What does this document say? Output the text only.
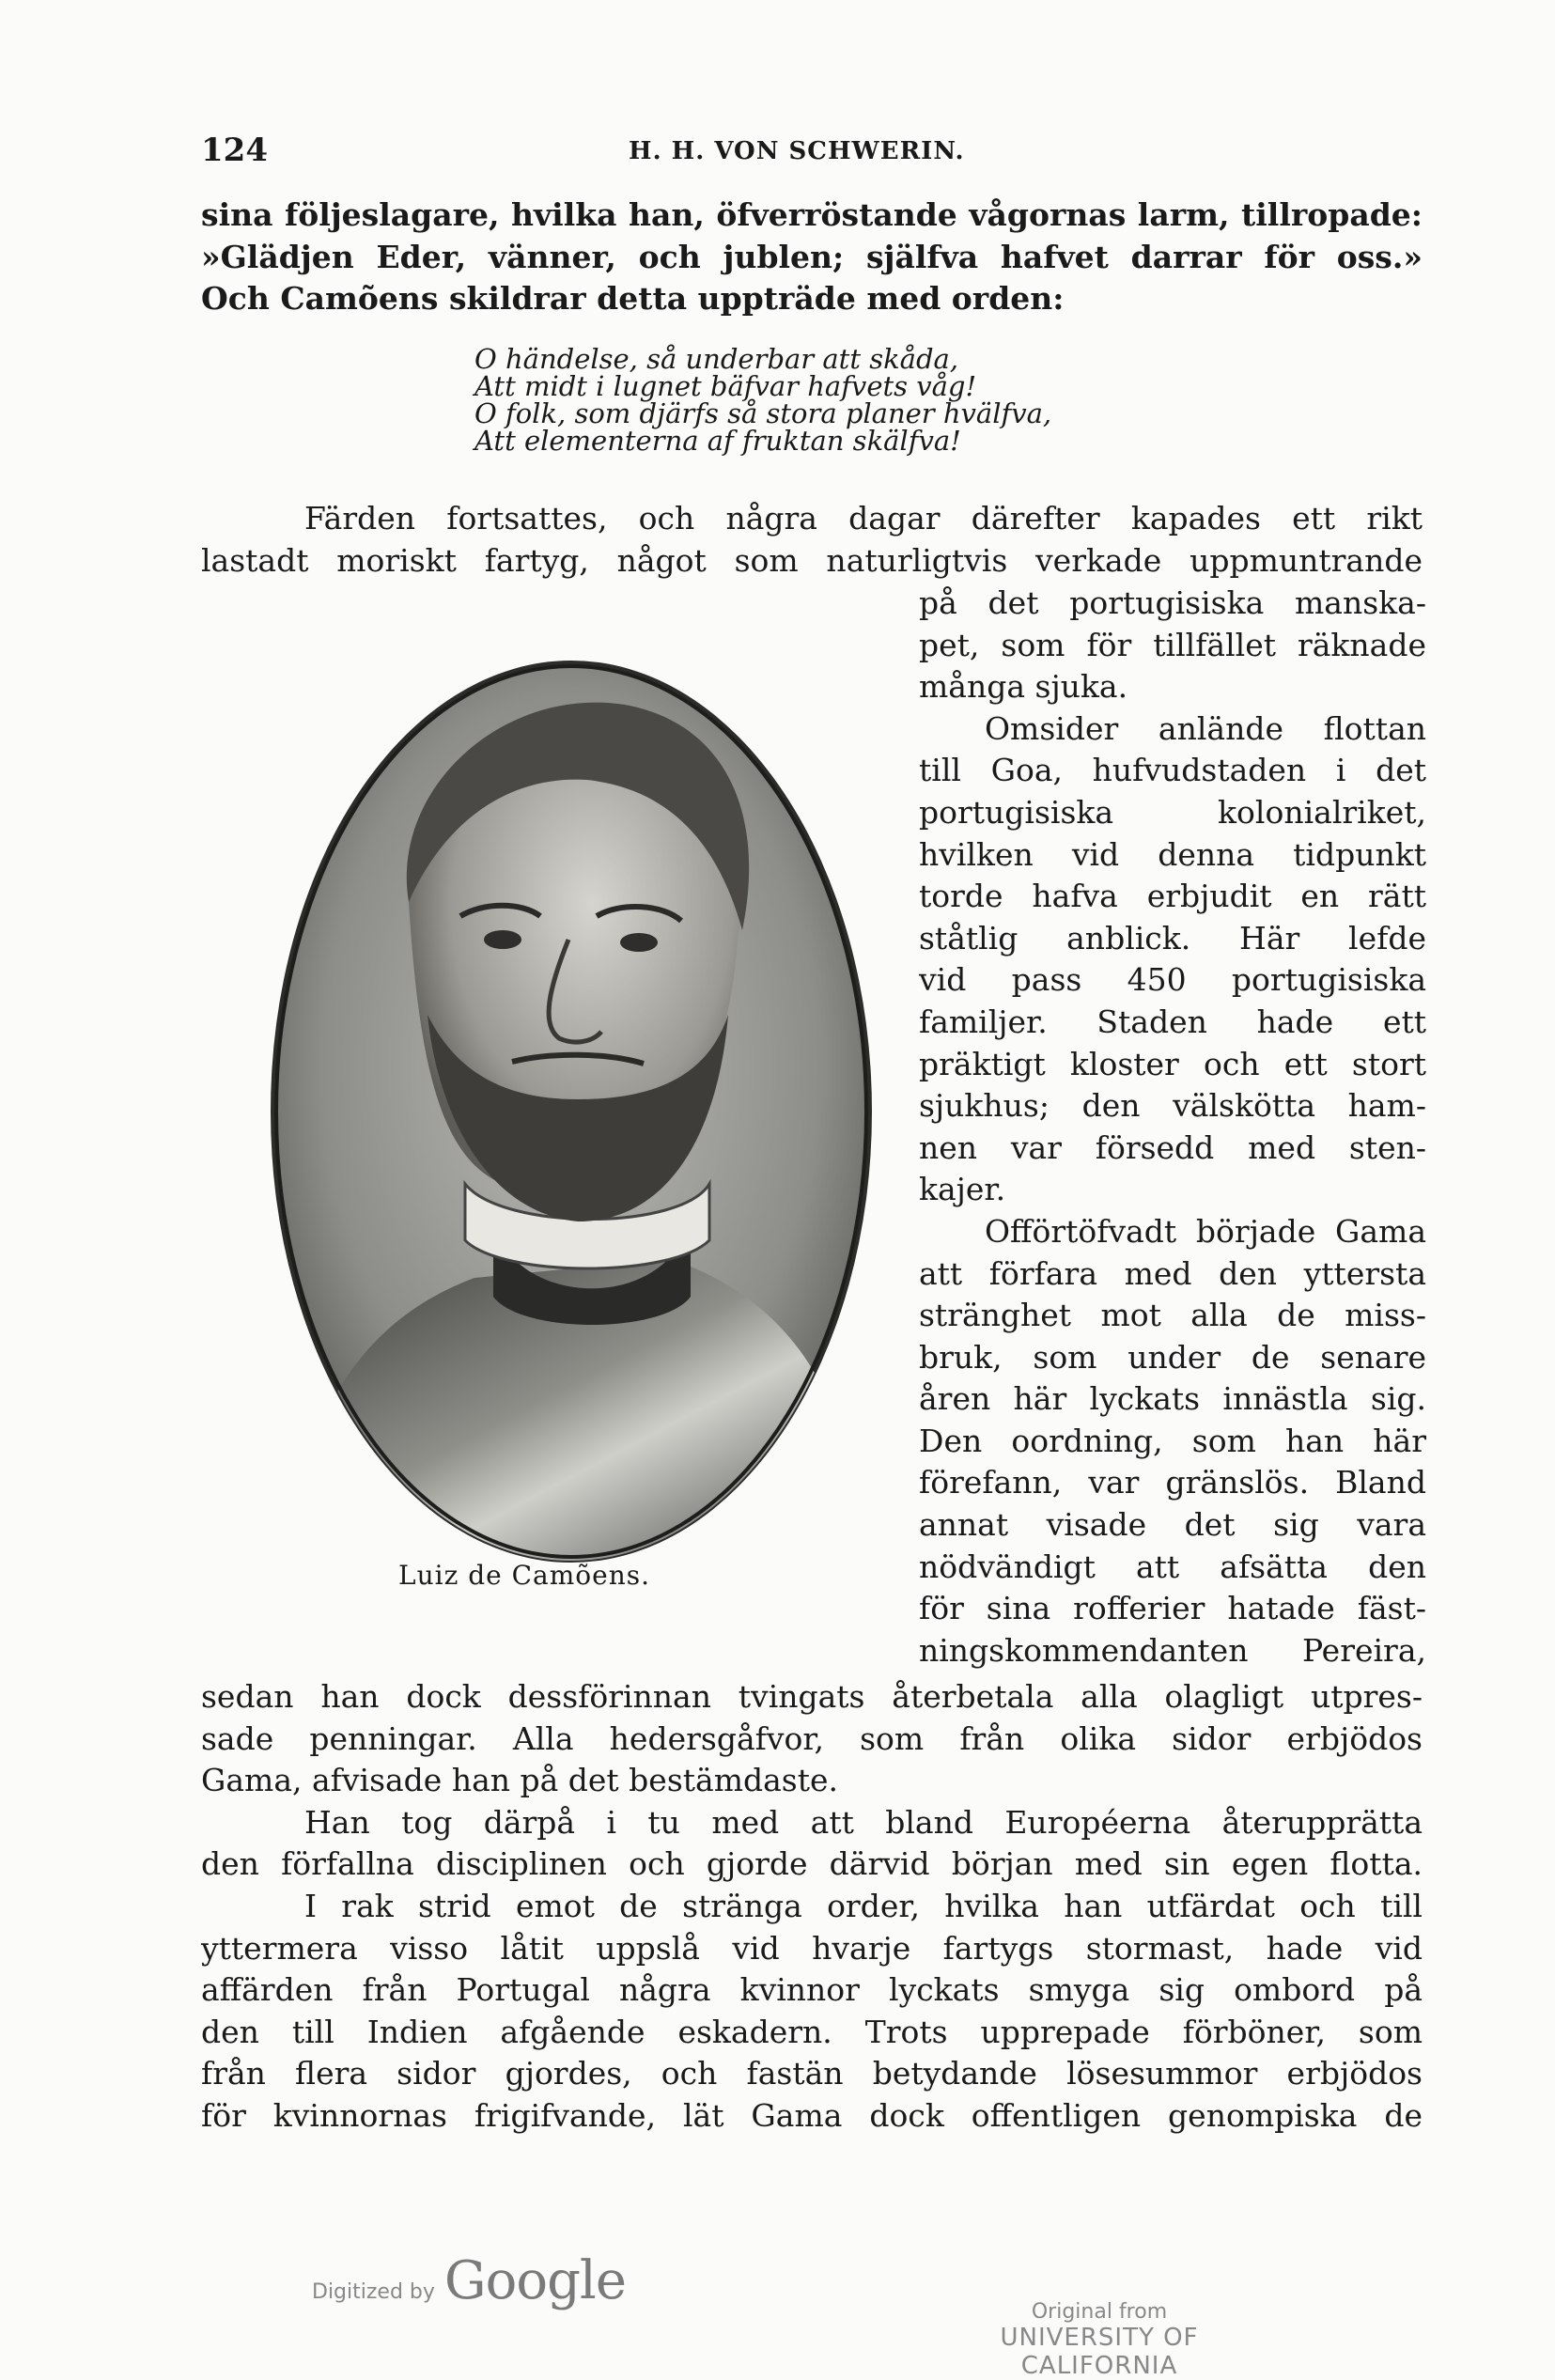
124	H. H. VON SCHWERIN.

sina följeslagare, hvilka han, öfverröstande vågornas larm, tillropade:
»Glädjen Eder, vänner, och jublen; själfva hafvet darrar för oss.»
Och Camõens skildrar detta uppträde med orden:

O händelse, så underbar att skåda,
Att midt i lugnet bäfvar hafvets våg!
O folk, som djärfs så stora planer hvälfva,
Att elementerna af fruktan skälfva!

Färden fortsattes, och några dagar därefter kapades ett rikt
lastadt moriskt fartyg, något som naturligtvis verkade uppmuntrande

Luiz de Camõens.

på det portugisiska manska-
pet, som för tillfället räknade
många sjuka.
Omsider anlände flottan
till Goa, hufvudstaden i det
portugisiska kolonialriket,
hvilken vid denna tidpunkt
torde hafva erbjudit en rätt
ståtlig anblick. Här lefde
vid pass 450 portugisiska
familjer. Staden hade ett
präktigt kloster och ett stort
sjukhus; den välskötta ham-
nen var försedd med sten-
kajer.
Offörtöfvadt började Gama
att förfara med den yttersta
stränghet mot alla de miss-
bruk, som under de senare
åren här lyckats innästla sig.
Den oordning, som han här
förefann, var gränslös. Bland
annat visade det sig vara
nödvändigt att afsätta den
för sina rofferier hatade fäst-
ningskommendanten Pereira,

sedan han dock dessförinnan tvingats återbetala alla olagligt utpres-
sade penningar. Alla hedersgåfvor, som från olika sidor erbjödos
Gama, afvisade han på det bestämdaste.
Han tog därpå i tu med att bland Européerna återupprätta
den förfallna disciplinen och gjorde därvid början med sin egen flotta.
I rak strid emot de stränga order, hvilka han utfärdat och till
yttermera visso låtit uppslå vid hvarje fartygs stormast, hade vid
affärden från Portugal några kvinnor lyckats smyga sig ombord på
den till Indien afgående eskadern. Trots upprepade förböner, som
från flera sidor gjordes, och fastän betydande lösesummor erbjödos
för kvinnornas frigifvande, lät Gama dock offentligen genompiska de

Digitized by Google
Original from
UNIVERSITY OF CALIFORNIA
